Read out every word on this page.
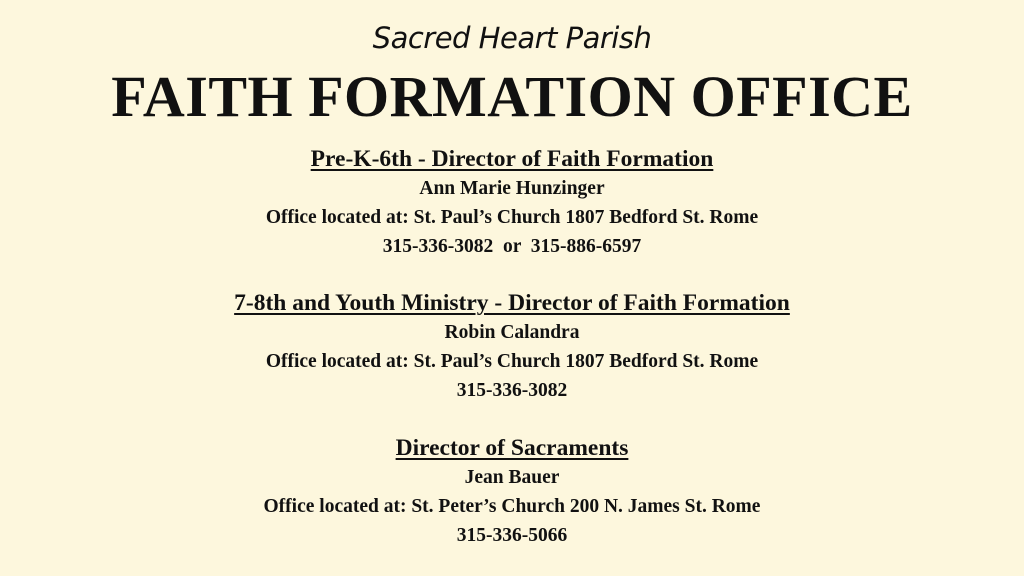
Sacred Heart Parish
FAITH FORMATION OFFICE
Pre-K-6th - Director of Faith Formation
Ann Marie Hunzinger
Office located at: St. Paul’s Church 1807 Bedford St. Rome
315-336-3082  or  315-886-6597
7-8th and Youth Ministry - Director of Faith Formation
Robin Calandra
Office located at: St. Paul’s Church 1807 Bedford St. Rome
315-336-3082
Director of Sacraments
Jean Bauer
Office located at: St. Peter’s Church 200 N. James St. Rome
315-336-5066
